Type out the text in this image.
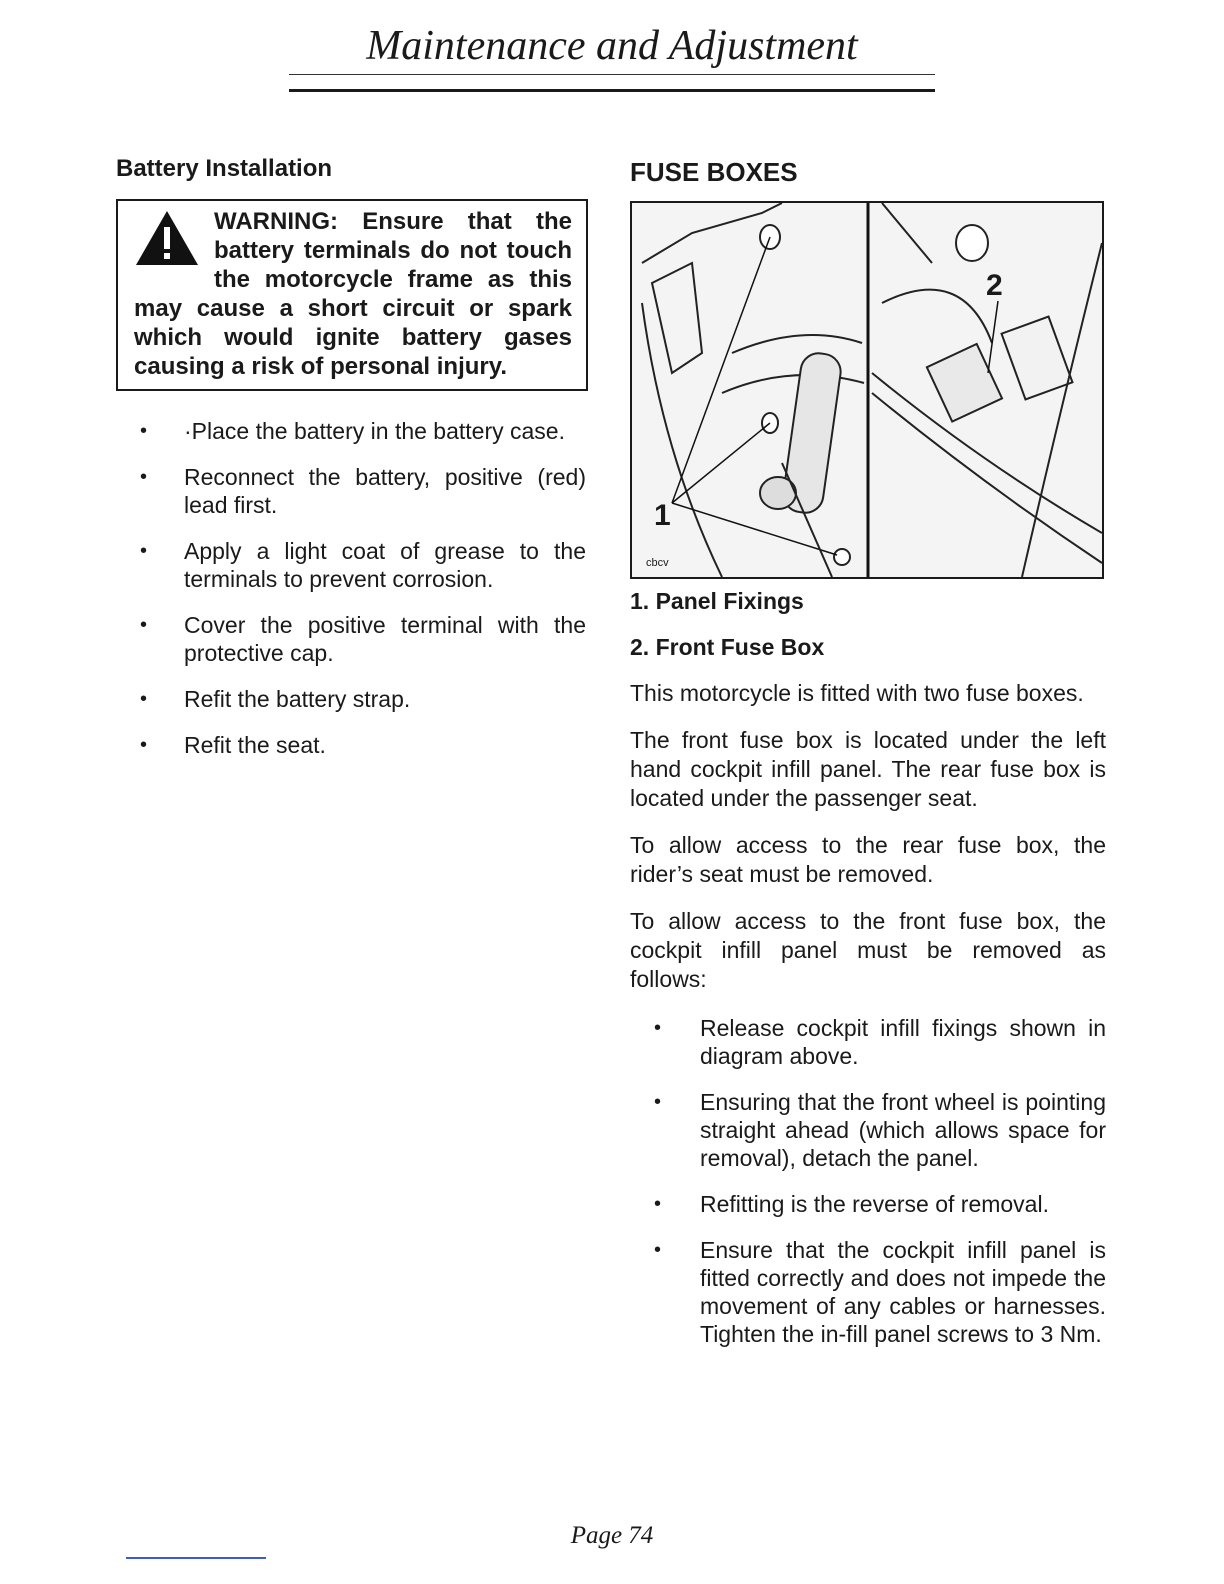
Maintenance and Adjustment
Battery Installation
WARNING: Ensure that the battery terminals do not touch the motorcycle frame as this may cause a short circuit or spark which would ignite battery gases causing a risk of personal injury.
• ·Place the battery in the battery case.
• Reconnect the battery, positive (red) lead first.
• Apply a light coat of grease to the terminals to prevent corrosion.
• Cover the positive terminal with the protective cap.
• Refit the battery strap.
• Refit the seat.
FUSE BOXES
1
2
cbcv

1. Panel Fixings

2. Front Fuse Box

This motorcycle is fitted with two fuse boxes.

The front fuse box is located under the left hand cockpit infill panel. The rear fuse box is located under the passenger seat.

To allow access to the rear fuse box, the rider’s seat must be removed.

To allow access to the front fuse box, the cockpit infill panel must be removed as follows:

• Release cockpit infill fixings shown in diagram above.
• Ensuring that the front wheel is pointing straight ahead (which allows space for removal), detach the panel.
• Refitting is the reverse of removal.
• Ensure that the cockpit infill panel is fitted correctly and does not impede the movement of any cables or harnesses. Tighten the in-fill panel screws to 3 Nm.
Page 74
